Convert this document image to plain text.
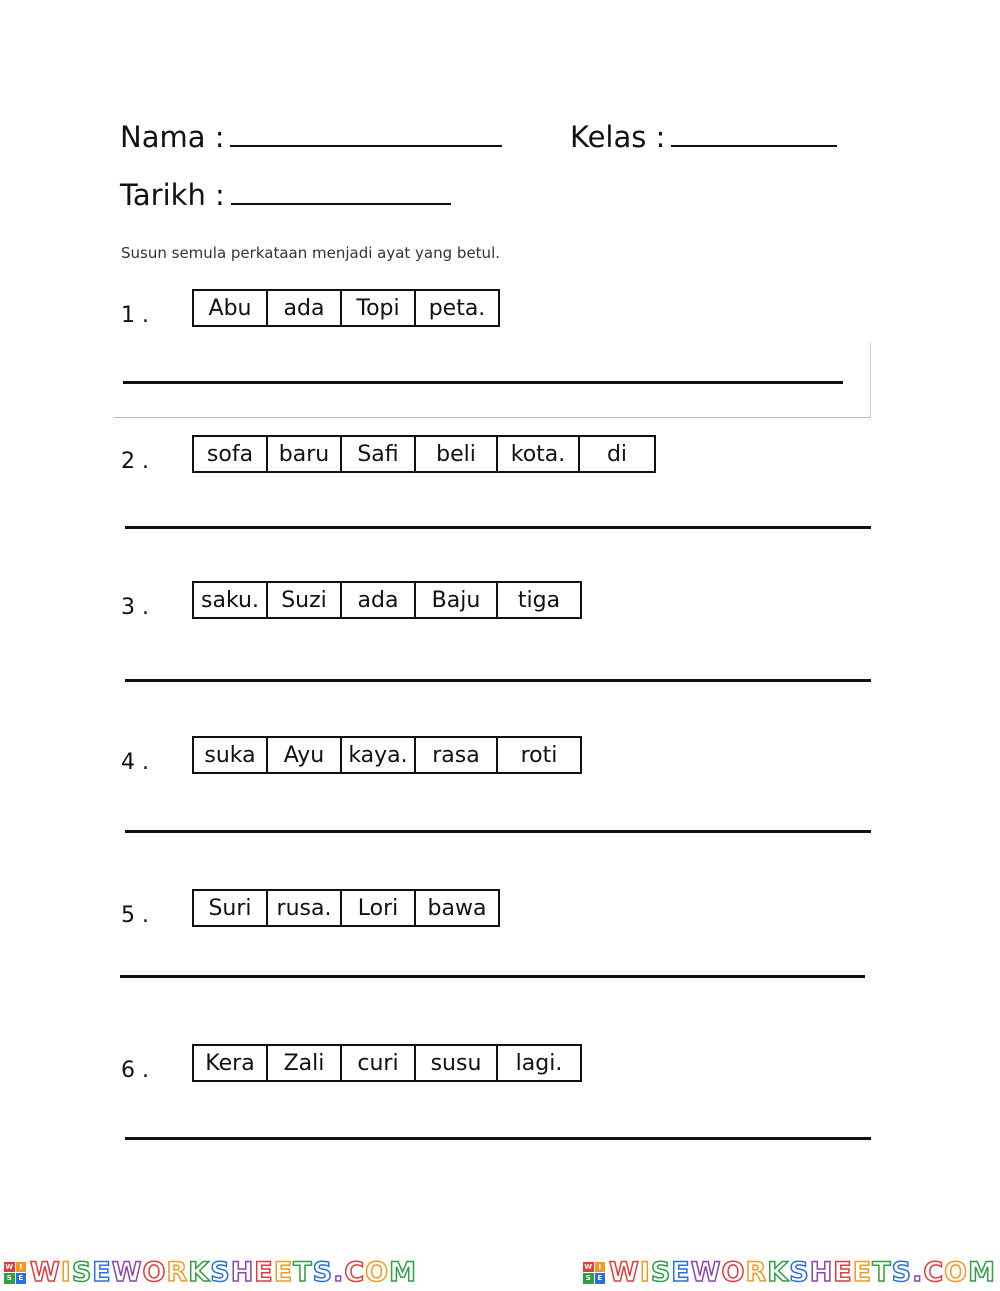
Nama :	Kelas :
Tarikh :
Susun semula perkataan menjadi ayat yang betul.
1 .	Abu	ada	Topi	peta.
2 .	sofa	baru	Safi	beli	kota.	di
3 .	saku.	Suzi	ada	Baju	tiga
4 .	suka	Ayu	kaya.	rasa	roti
5 .	Suri	rusa.	Lori	bawa
6 .	Kera	Zali	curi	susu	lagi.
W I
S E WISEWORKSHEETS.COM	W I
S E WISEWORKSHEETS.COM
